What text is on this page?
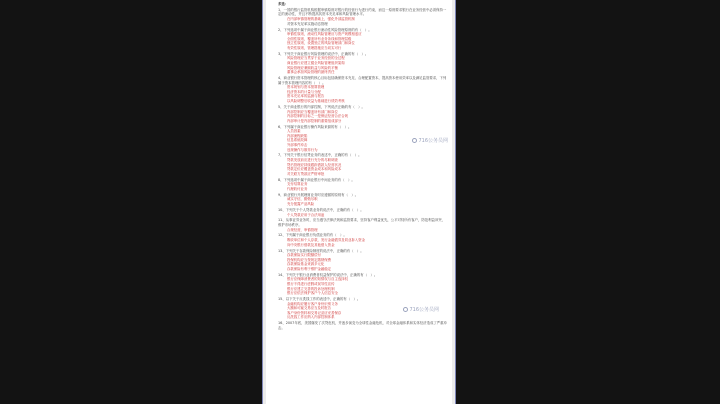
多选：
1、一国的银行监管机构根据审慎原则对银行的经营行为进行约束，而这一原则要求银行在业务经营中必须保持一定的流动性，并且不断提高其资本充足率和风险管理水平。
在内部审慎管理的基础上，强化外部监管机制
对资本充足率实施动态管理
2、下列选项中属于商业银行流动性风险管理原则的有（　）。
审慎性原则，流动性风险管理应与资产规模相适应
全面性原则，覆盖所有业务条线和管理层级
独立性原则，设置独立的风险管理部门和岗位
有效性原则，管理措施应当切实可行
3、下列关于商业银行风险管理的说法中，正确的有（　）。
风险管理应当贯穿于业务经营的全过程
商业银行应建立健全风险管理组织架构
风险管理应兼顾收益与风险的平衡
董事会承担风险管理的最终责任
4、商业银行资本管理的核心目标包括确保资本充足、合理配置资本，提高资本使用效率以及满足监管要求，下列属于资本管理内容的有（　）。
资本规划与资本预算管理
经济资本的计量与分配
资本充足率的监测与报告
以风险调整后收益为基础进行绩效考核
5、关于商业银行的内部控制，下列说法正确的有（　）。
内部控制应当覆盖所有部门和岗位
内部控制的目标之一是保证经营合法合规
内部审计是内部控制的重要组成部分
6、下列属于商业银行操作风险来源的有（　）。
人员因素
内部流程缺陷
信息系统故障
外部事件冲击
违规操作与欺诈行为
7、下列关于银行信贷业务的表述中，正确的有（　）。
贷款发放前应进行充分的尽职调查
贷后管理应持续跟踪借款人经营状况
贷款定价应覆盖资金成本和风险成本
对关联方贷款应严格审批
8、下列选项中属于商业银行中间业务的有（　）。
支付结算业务
代理收付业务
9、商业银行开展理财业务时应遵循的原则有（　）。
诚实守信，勤勉尽职
充分披露产品风险
10、下列关于个人贷款业务的说法中，正确的有（　）。
个人贷款应用于合法用途
11、从事证券业务时，应当遵守法律法规和监管要求，坚持客户利益优先，公平对待所有客户，防范利益冲突，维护市场秩序。
合规经营，审慎管理
12、下列属于商业银行负债业务的有（　）。
吸收单位和个人存款，发行金融债券及同业拆入资金
向中央银行借款及其他借入资金
13、下列关于存款保险制度的说法中，正确的有（　）。
存款保险实行限额偿付
投保机构应当按规定缴纳保费
存款保险基金来源多元化
存款保险有利于维护金融稳定
14、下列关于银行业消费者权益保护的说法中，正确的有（　）。
银行应保障消费者的知情权与自主选择权
银行不得进行虚假或误导性宣传
银行应建立完善的投诉处理机制
银行应依法保护客户个人信息安全
15、以下关于反洗钱工作的表述中，正确的有（　）。
金融机构应履行客户身份识别义务
大额和可疑交易应当及时报告
客户身份资料和交易记录应妥善保存
反洗钱工作应纳入内部控制体系
16、2007年底，美国爆发了次贷危机，并逐步演变为全球性金融危机，对全球金融体系和实体经济造成了严重冲击。
716公务员网
716公务员网
716公务员网
